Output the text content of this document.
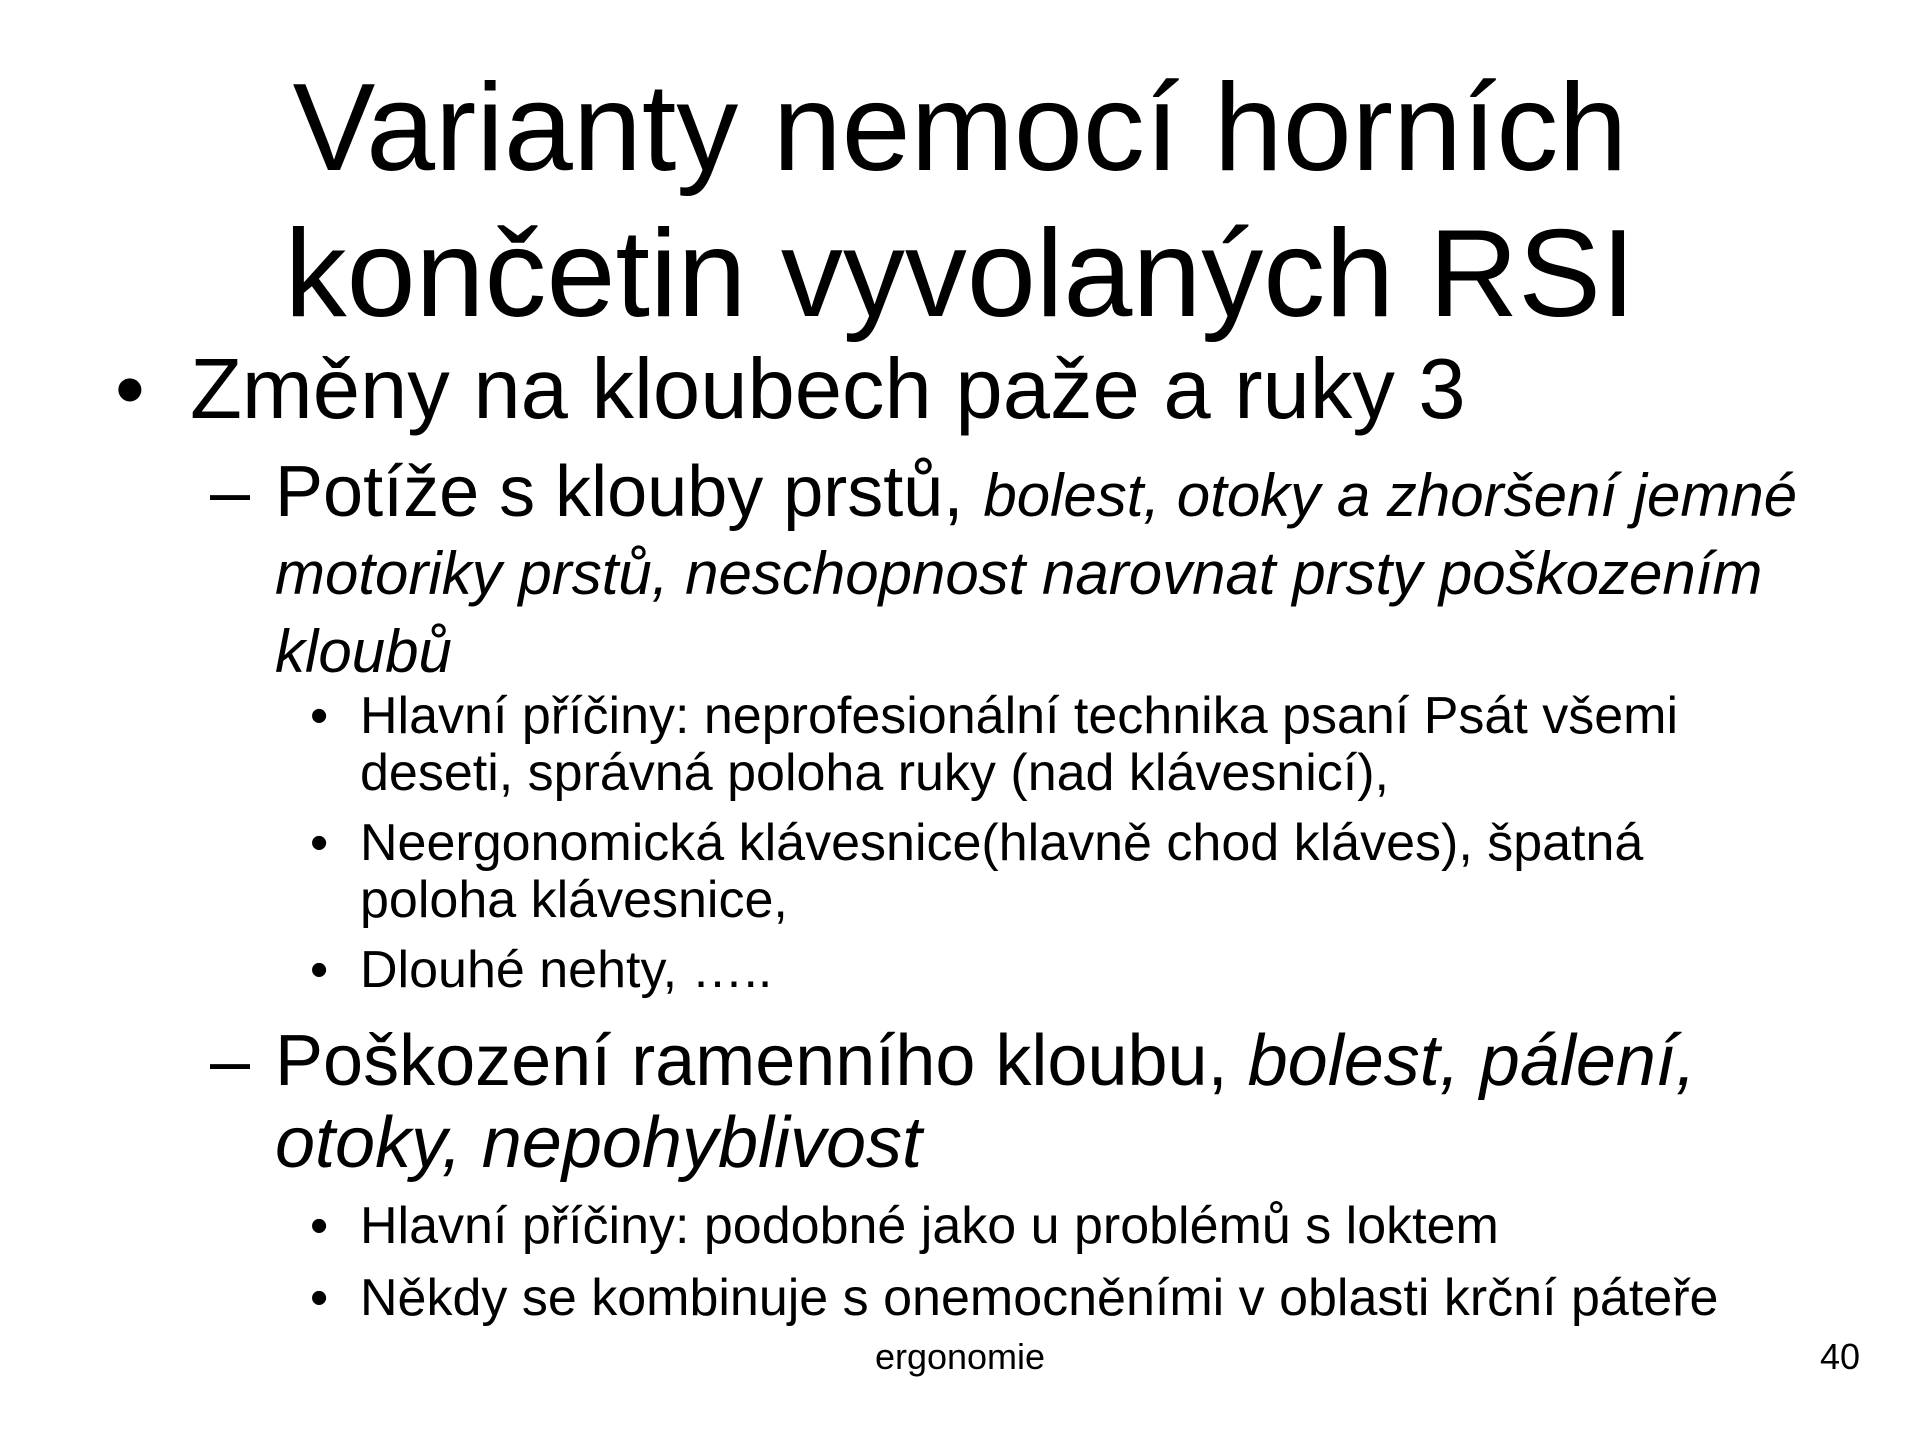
Varianty nemocí horních
končetin vyvolaných RSI
• Změny na kloubech paže a ruky 3
– Potíže s klouby prstů, bolest, otoky a zhoršení jemné motoriky prstů, neschopnost narovnat prsty poškozením kloubů
• Hlavní příčiny: neprofesionální technika psaní Psát všemi deseti, správná poloha ruky (nad klávesnicí),
• Neergonomická klávesnice(hlavně chod kláves), špatná poloha klávesnice,
• Dlouhé nehty, …..
– Poškození ramenního kloubu, bolest, pálení, otoky, nepohyblivost
• Hlavní příčiny: podobné jako u problémů s loktem
• Někdy se kombinuje s onemocněními v oblasti krční páteře
ergonomie	40
